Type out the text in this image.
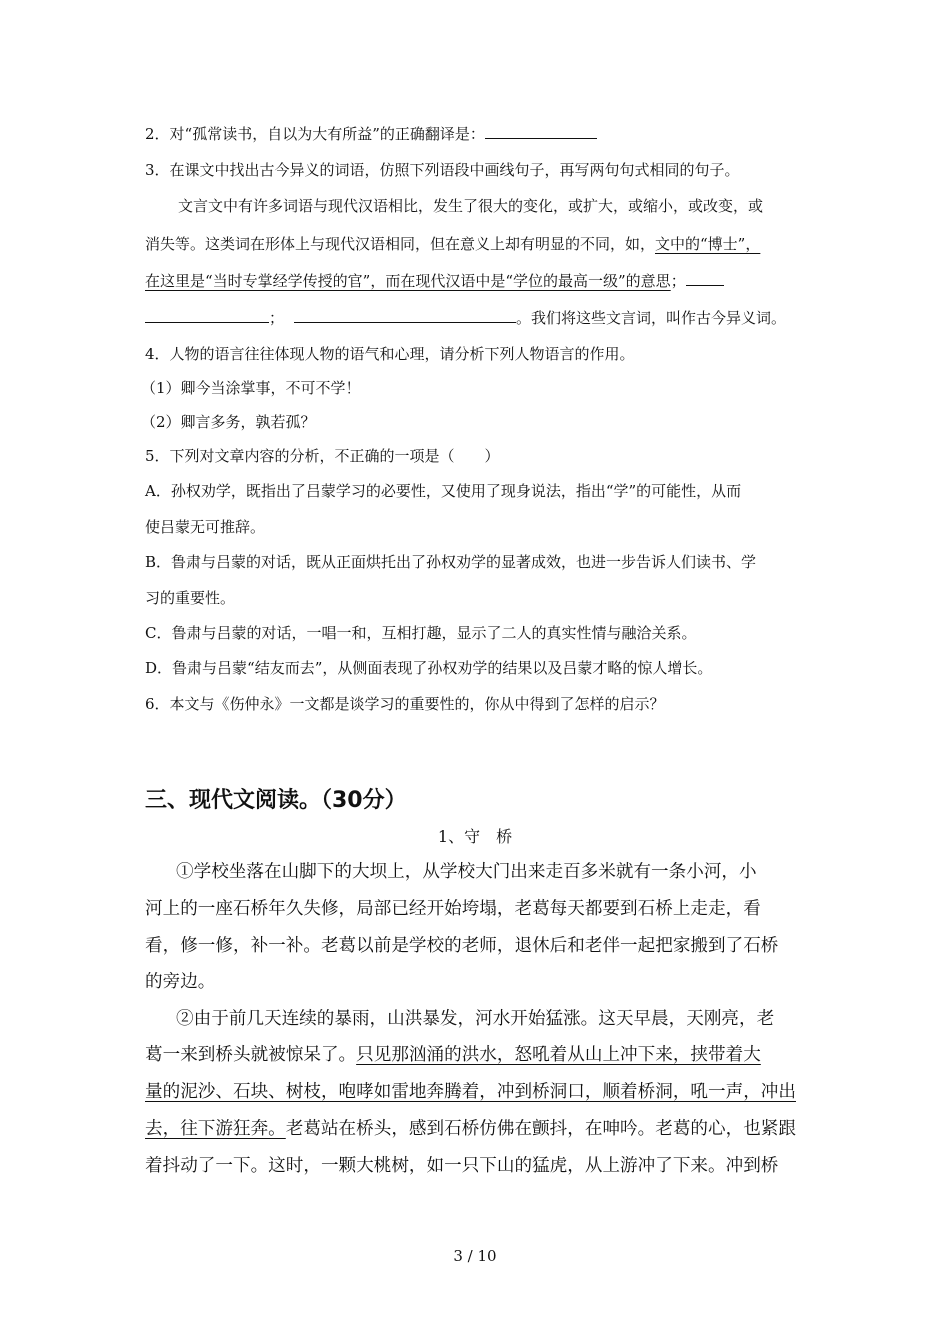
2．对“孤常读书，自以为大有所益”的正确翻译是：
3．在课文中找出古今异义的词语，仿照下列语段中画线句子，再写两句句式相同的句子。
文言文中有许多词语与现代汉语相比，发生了很大的变化，或扩大，或缩小，或改变，或
消失等。这类词在形体上与现代汉语相同，但在意义上却有明显的不同，如，文中的“博士”，
在这里是“当时专掌经学传授的官”，而在现代汉语中是“学位的最高一级”的意思；
；	。我们将这些文言词，叫作古今异义词。
4．人物的语言往往体现人物的语气和心理，请分析下列人物语言的作用。
（1）卿今当涂掌事，不可不学！
（2）卿言多务，孰若孤？
5．下列对文章内容的分析，不正确的一项是（　　）
A．孙权劝学，既指出了吕蒙学习的必要性，又使用了现身说法，指出“学”的可能性，从而
使吕蒙无可推辞。
B．鲁肃与吕蒙的对话，既从正面烘托出了孙权劝学的显著成效，也进一步告诉人们读书、学
习的重要性。
C．鲁肃与吕蒙的对话，一唱一和，互相打趣，显示了二人的真实性情与融洽关系。
D．鲁肃与吕蒙“结友而去”，从侧面表现了孙权劝学的结果以及吕蒙才略的惊人增长。
6．本文与《伤仲永》一文都是谈学习的重要性的，你从中得到了怎样的启示？
三、现代文阅读。（30分）
1、守　桥
①学校坐落在山脚下的大坝上，从学校大门出来走百多米就有一条小河，小
河上的一座石桥年久失修，局部已经开始垮塌，老葛每天都要到石桥上走走，看
看，修一修，补一补。老葛以前是学校的老师，退休后和老伴一起把家搬到了石桥
的旁边。
②由于前几天连续的暴雨，山洪暴发，河水开始猛涨。这天早晨，天刚亮，老
葛一来到桥头就被惊呆了。只见那汹涌的洪水，怒吼着从山上冲下来，挟带着大
量的泥沙、石块、树枝，咆哮如雷地奔腾着，冲到桥洞口，顺着桥洞，吼一声，冲出
去，往下游狂奔。老葛站在桥头，感到石桥仿佛在颤抖，在呻吟。老葛的心，也紧跟
着抖动了一下。这时，一颗大桃树，如一只下山的猛虎，从上游冲了下来。冲到桥
3 / 10
